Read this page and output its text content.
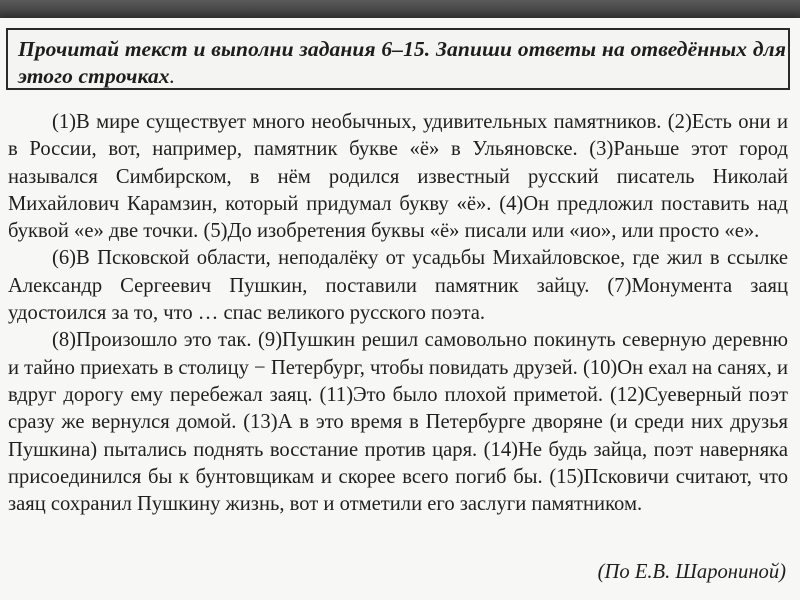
Прочитай текст и выполни задания 6–15. Запиши ответы на отведённых для этого строчках.

(1)В мире существует много необычных, удивительных памятников. (2)Есть они и в России, вот, например, памятник букве «ё» в Ульяновске. (3)Раньше этот город назывался Симбирском, в нём родился известный русский писатель Николай Михайлович Карамзин, который придумал букву «ё». (4)Он предложил поставить над буквой «е» две точки. (5)До изобретения буквы «ё» писали или «ио», или просто «е».

(6)В Псковской области, неподалёку от усадьбы Михайловское, где жил в ссылке Александр Сергеевич Пушкин, поставили памятник зайцу. (7)Монумента заяц удостоился за то, что … спас великого русского поэта.

(8)Произошло это так. (9)Пушкин решил самовольно покинуть северную деревню и тайно приехать в столицу − Петербург, чтобы повидать друзей. (10)Он ехал на санях, и вдруг дорогу ему перебежал заяц. (11)Это было плохой приметой. (12)Суеверный поэт сразу же вернулся домой. (13)А в это время в Петербурге дворяне (и среди них друзья Пушкина) пытались поднять восстание против царя. (14)Не будь зайца, поэт наверняка присоединился бы к бунтовщикам и скорее всего погиб бы. (15)Псковичи считают, что заяц сохранил Пушкину жизнь, вот и отметили его заслуги памятником.

(По Е.В. Шарониной)
